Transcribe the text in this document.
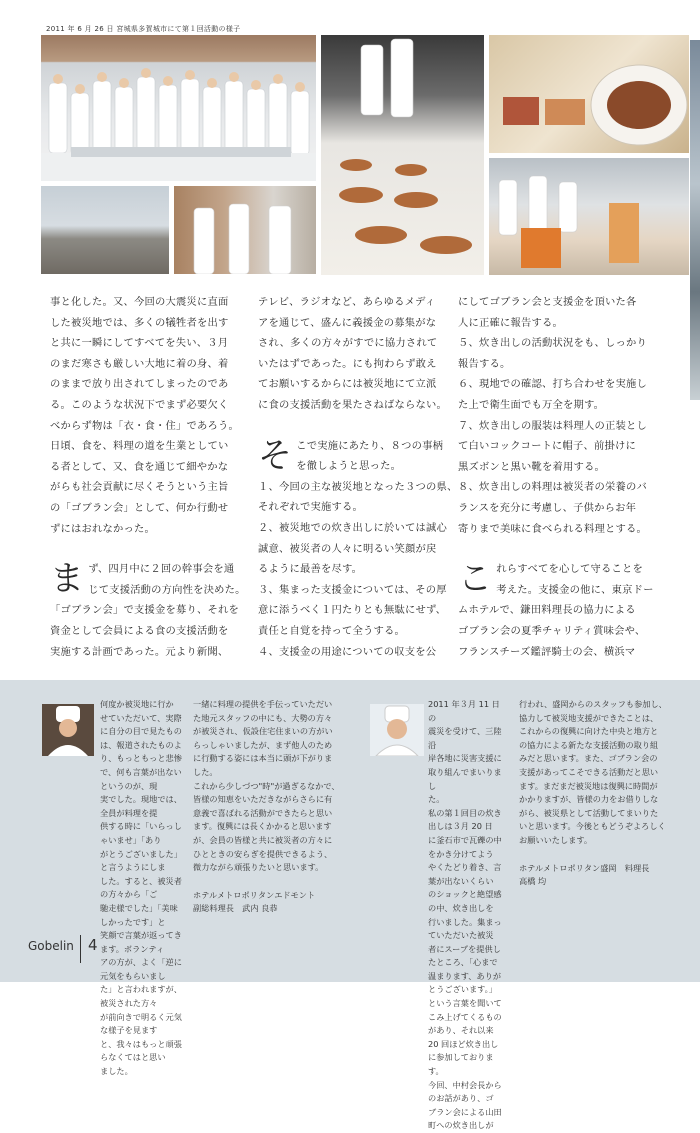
2011 年 6 月 26 日 宮城県多賀城市にて第１回活動の様子

事と化した。又、今回の大震災に直面
した被災地では、多くの犠牲者を出す
と共に一瞬にしてすべてを失い、３月
のまだ寒さも厳しい大地に着の身、着
のままで放り出されてしまったのであ
る。このような状況下でまず必要欠く
べからず物は「衣・食・住」であろう。
日頃、食を、料理の道を生業としてい
る者として、又、食を通じて細やかな
がらも社会貢献に尽くそうという主旨
の「ゴブラン会」として、何か行動せ
ずにはおれなかった。

ま ず、四月中に２回の幹事会を通
じて支援活動の方向性を決めた。
「ゴブラン会」で支援金を募り、それを
資金として会員による食の支援活動を
実施する計画であった。元より新聞、

テレビ、ラジオなど、あらゆるメディ
アを通じて、盛んに義援金の募集がな
され、多くの方々がすでに協力されて
いたはずであった。にも拘わらず敢え
てお願いするからには被災地にて立派
に食の支援活動を果たさねばならない。

そ こで実施にあたり、８つの事柄
を徹しようと思った。
１、今回の主な被災地となった３つの県、
それぞれで実施する。
２、被災地での炊き出しに於いては誠心
誠意、被災者の人々に明るい笑顔が戻
るように最善を尽す。
３、集まった支援金については、その厚
意に添うべく１円たりとも無駄にせず、
責任と自覚を持って全うする。
４、支援金の用途についての収支を公

にしてゴブラン会と支援金を頂いた各
人に正確に報告する。
５、炊き出しの活動状況をも、しっかり
報告する。
６、現地での確認、打ち合わせを実施し
た上で衛生面でも万全を期す。
７、炊き出しの服装は料理人の正装とし
て白いコックコートに帽子、前掛けに
黒ズボンと黒い靴を着用する。
８、炊き出しの料理は被災者の栄養のバ
ランスを充分に考慮し、子供からお年
寄りまで美味に食べられる料理とする。

こ れらすべてを心して守ることを
考えた。支援金の他に、東京ドー
ムホテルで、鎌田料理長の協力による
ゴブラン会の夏季チャリティ賞味会や、
フランスチーズ鑑評騎士の会、横浜マ

何度か被災地に行か
せていただいて、実際
に自分の目で見たもの
は、報道されたものよ
り、もっともっと悲惨
で、何も言葉が出ないというのが、現
実でした。現地では、全員が料理を提
供する時に「いらっしゃいませ」「あり
がとうございました」と言うようにしま
した。すると、被災者の方々から「ご
馳走様でした」「美味しかったです」と
笑顔で言葉が返ってきます。ボランティ
アの方が、よく「逆に元気をもらいまし
た」と言われますが、被災された方々
が前向きで明るく元気な様子を見ます
と、我々はもっと頑張らなくてはと思い
ました。

一緒に料理の提供を手伝っていただい
た地元スタッフの中にも、大勢の方々
が被災され、仮設住宅住まいの方がい
らっしゃいましたが、まず他人のため
に行動する姿には本当に頭が下がりま
した。
これから少しづつ"時"が過ぎるなかで、
皆様の知恵をいただきながらさらに有
意義で喜ばれる活動ができたらと思い
ます。復興には長くかかると思います
が、会員の皆様と共に被災者の方々に
ひとときの安らぎを提供できるよう、
微力ながら頑張りたいと思います。

ホテルメトロポリタンエドモント

副総料理長　武内 良恭

2011 年３月 11 日の
震災を受けて、三陸沿
岸各地に災害支援に
取り組んでまいりまし
た。
私の第１回目の炊き出しは３月 20 日
に釜石市で瓦礫の中をかき分けてよう
やくたどり着き、言葉が出ないくらい
のショックと絶望感の中、炊き出しを
行いました。集まっていただいた被災
者にスープを提供したところ、「心まで
温まります、ありがとうございます。」
という言葉を聞いてこみ上げてくるもの
があり、それ以来 20 回ほど炊き出し
に参加しております。
今回、中村会長からのお話があり、ゴ
ブラン会による山田町への炊き出しが

行われ、盛岡からのスタッフも参加し、
協力して被災地支援ができたことは、
これからの復興に向けた中央と地方と
の協力による新たな支援活動の取り組
みだと思います。また、ゴブラン会の
支援があってこそできる活動だと思い
ます。まだまだ被災地は復興に時間が
かかりますが、皆様の力をお借りしな
がら、被災県として活動してまいりた
いと思います。今後ともどうぞよろしく
お願いいたします。

ホテルメトロポリタン盛岡　料理長

高橋 均

Gobelin 4
